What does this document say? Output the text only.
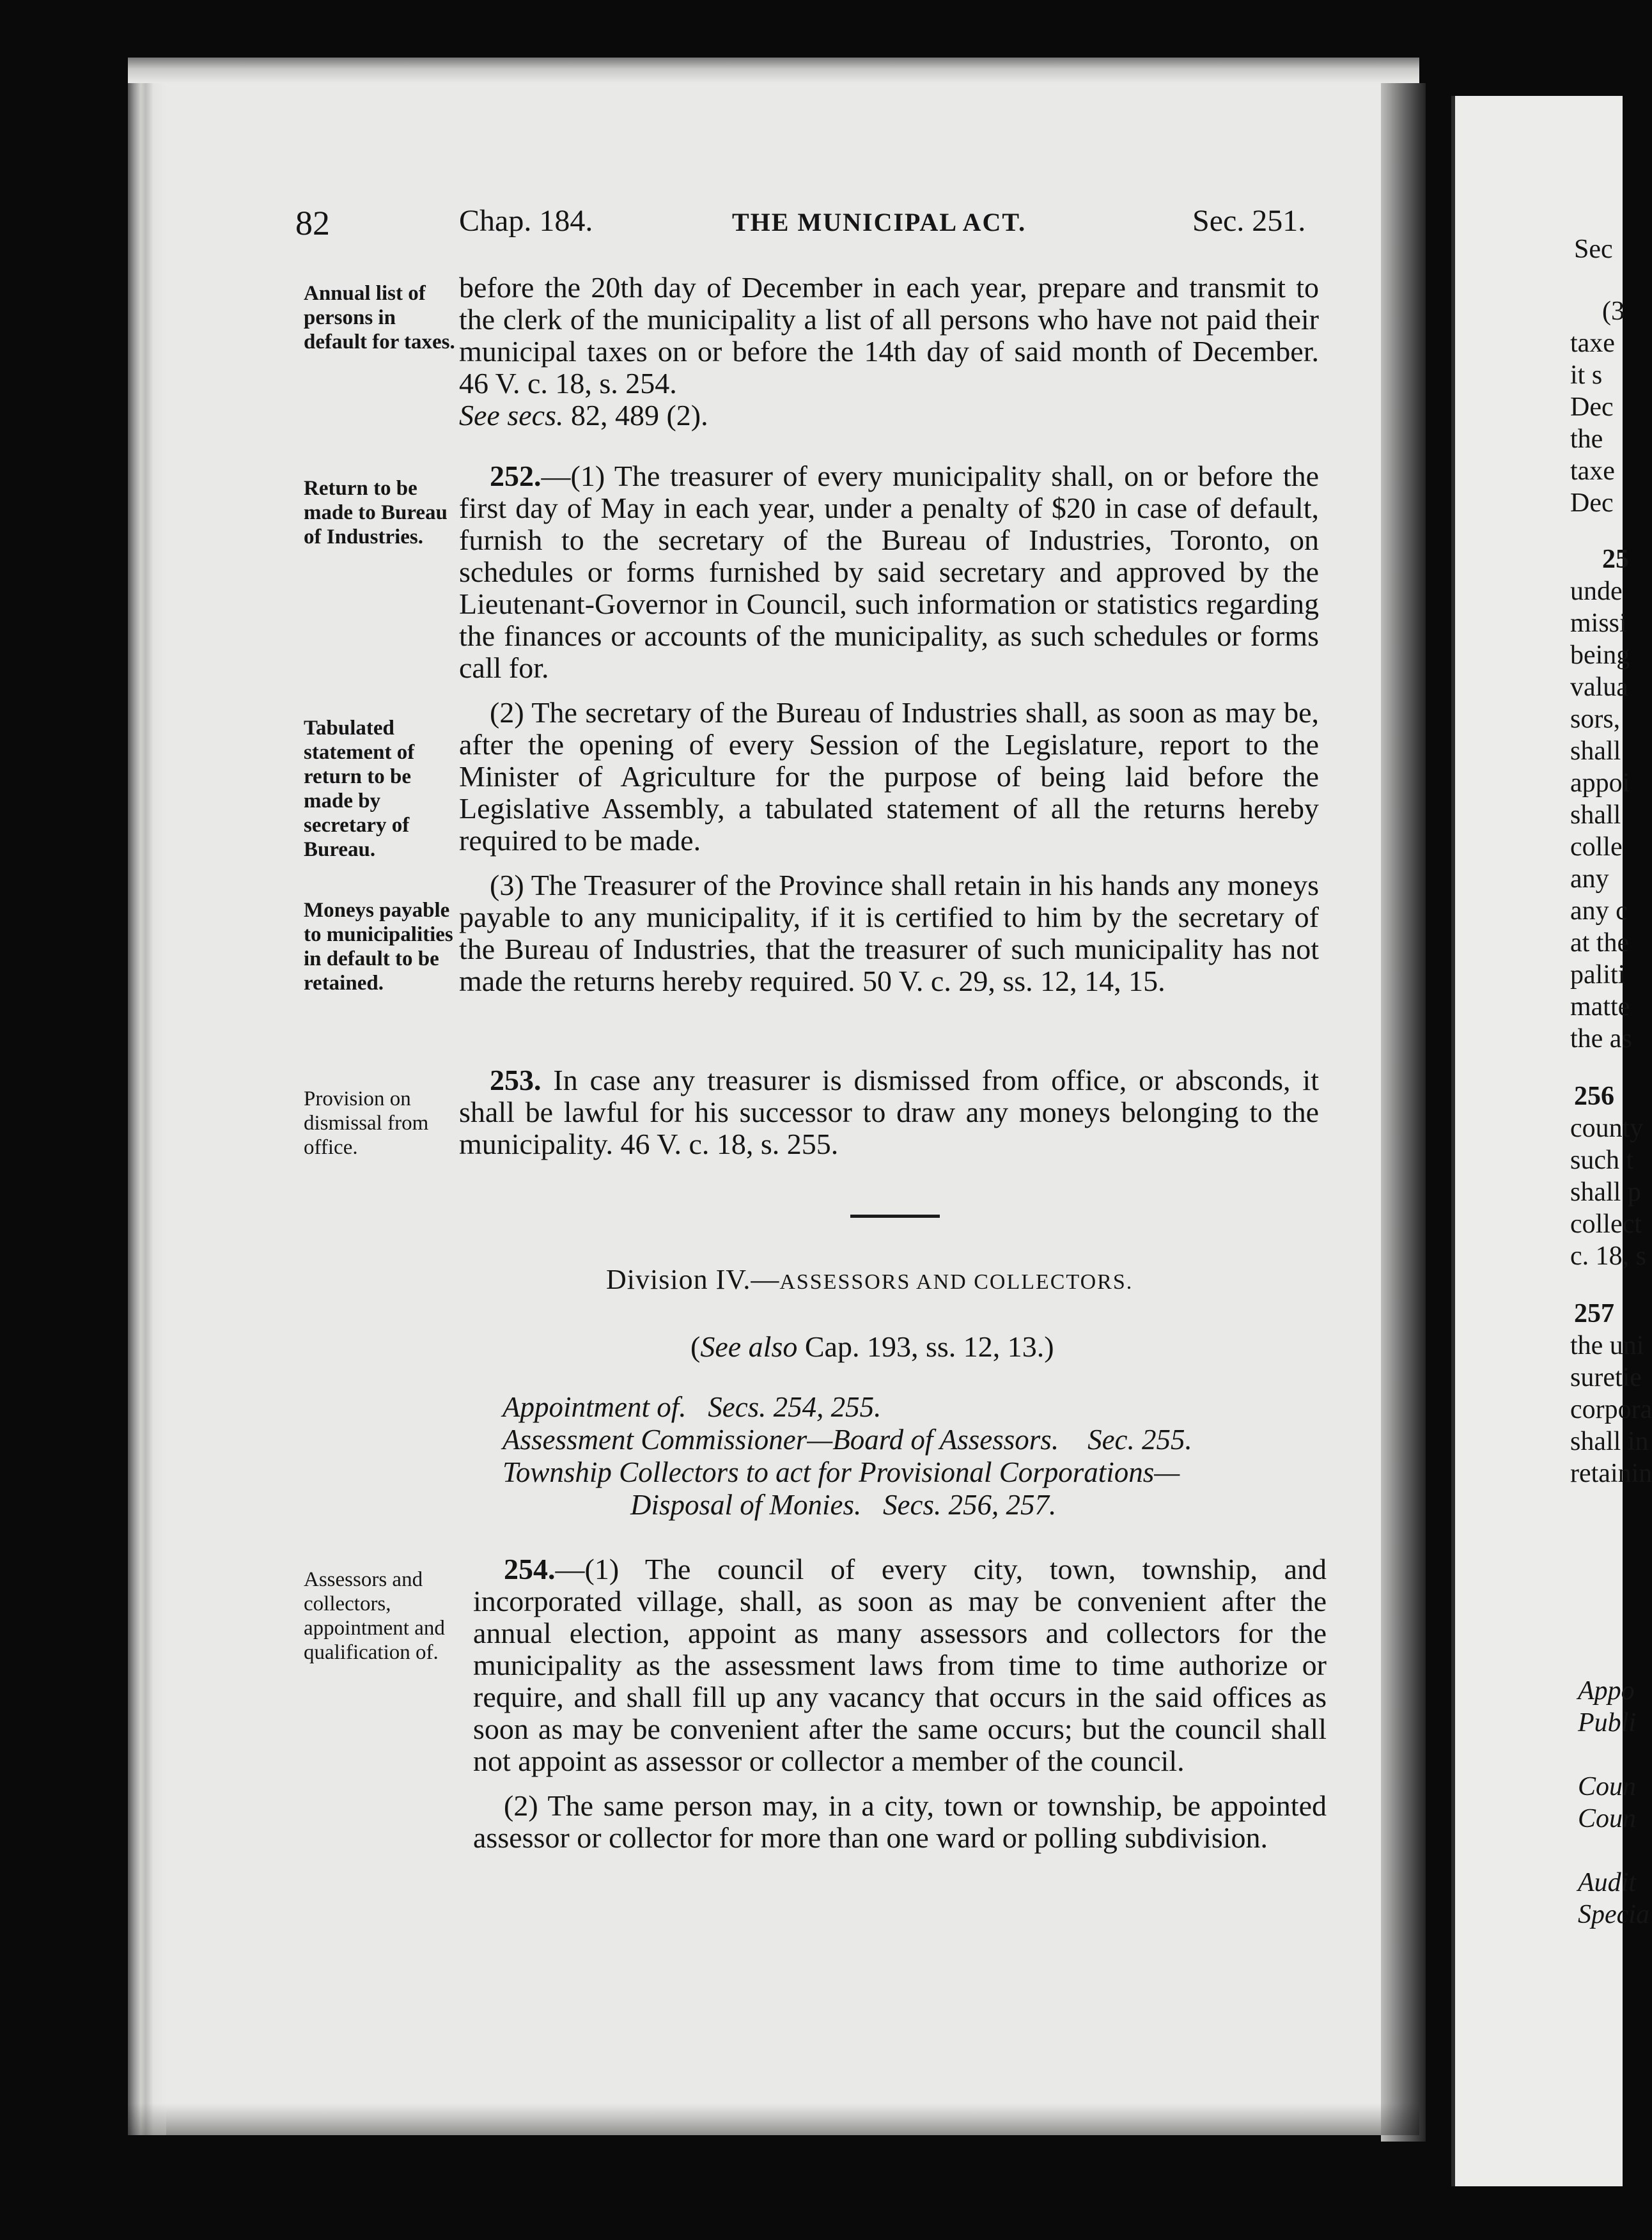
82	Chap. 184.	THE MUNICIPAL ACT.	Sec. 251.
Annual list of persons in default for taxes.
Return to be made to Bureau of Industries.
Tabulated statement of return to be made by secretary of Bureau.
Moneys payable to municipalities in default to be retained.
Provision on dismissal from office.
Assessors and collectors, appointment and qualification of.

before the 20th day of December in each year, prepare and transmit to the clerk of the municipality a list of all persons who have not paid their municipal taxes on or before the 14th day of said month of December. 46 V. c. 18, s. 254.
See secs. 82, 489 (2).

252.—(1) The treasurer of every municipality shall, on or before the first day of May in each year, under a penalty of $20 in case of default, furnish to the secretary of the Bureau of Industries, Toronto, on schedules or forms furnished by said secretary and approved by the Lieutenant-Governor in Council, such information or statistics regarding the finances or accounts of the municipality, as such schedules or forms call for.

(2) The secretary of the Bureau of Industries shall, as soon as may be, after the opening of every Session of the Legislature, report to the Minister of Agriculture for the purpose of being laid before the Legislative Assembly, a tabulated statement of all the returns hereby required to be made.

(3) The Treasurer of the Province shall retain in his hands any moneys payable to any municipality, if it is certified to him by the secretary of the Bureau of Industries, that the treasurer of such municipality has not made the returns hereby required. 50 V. c. 29, ss. 12, 14, 15.

253. In case any treasurer is dismissed from office, or absconds, it shall be lawful for his successor to draw any moneys belonging to the municipality. 46 V. c. 18, s. 255.

Division IV.—ASSESSORS AND COLLECTORS.
(See also Cap. 193, ss. 12, 13.)
Appointment of. Secs. 254, 255.
Assessment Commissioner—Board of Assessors. Sec. 255.
Township Collectors to act for Provisional Corporations—
Disposal of Monies. Secs. 256, 257.

254.—(1) The council of every city, town, township, and incorporated village, shall, as soon as may be convenient after the annual election, appoint as many assessors and collectors for the municipality as the assessment laws from time to time authorize or require, and shall fill up any vacancy that occurs in the said offices as soon as may be convenient after the same occurs; but the council shall not appoint as assessor or collector a member of the council.

(2) The same person may, in a city, town or township, be appointed assessor or collector for more than one ward or polling subdivision.

Sec
(3
taxe
it s
Dec
the
taxe
Dec
25
unde
missi
being
valua
sors,
shall
appoi
shall
colle
any
any c
at the
paliti
matte
the as
256
county
such t
shall p
collect
c. 18, s
257
the uni
suretie
corpora
shall in
retainin
Appo
Publi
Coun
Coun
Audit
Specia
